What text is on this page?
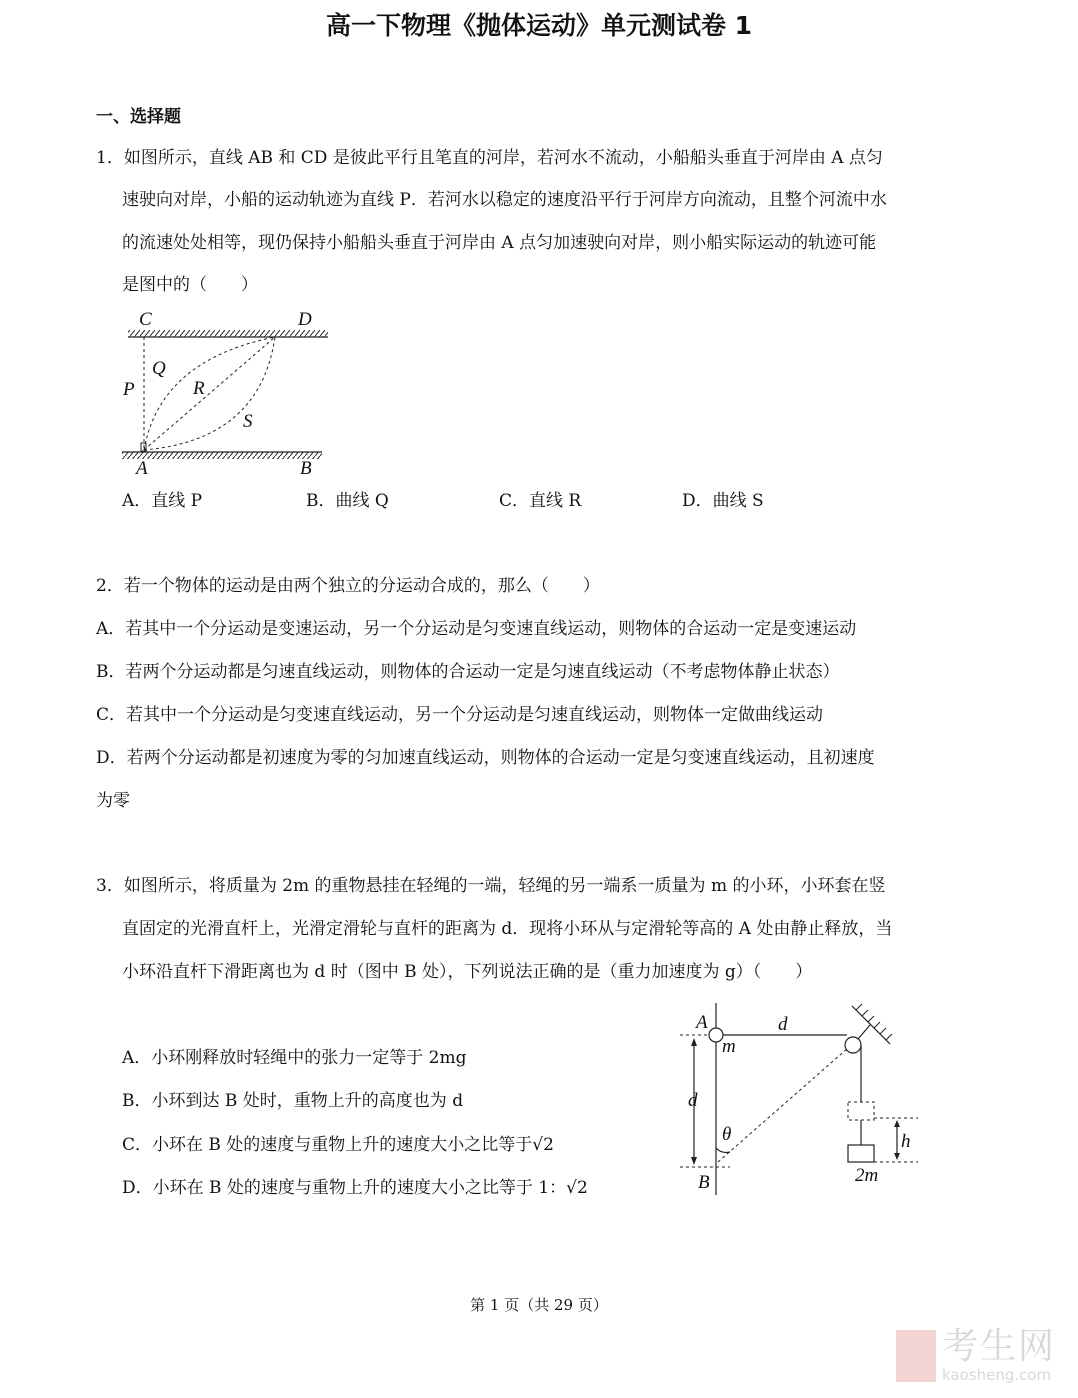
高一下物理《抛体运动》单元测试卷 1
一、选择题
1．如图所示，直线 AB 和 CD 是彼此平行且笔直的河岸，若河水不流动，小船船头垂直于河岸由 A 点匀
速驶向对岸，小船的运动轨迹为直线 P．若河水以稳定的速度沿平行于河岸方向流动，且整个河流中水
的流速处处相等，现仍保持小船船头垂直于河岸由 A 点匀加速驶向对岸，则小船实际运动的轨迹可能
是图中的（　　）
C	D
A	B
P
Q
R
S
A．直线 P	B．曲线 Q	C．直线 R	D．曲线 S
2．若一个物体的运动是由两个独立的分运动合成的，那么（　　）
A．若其中一个分运动是变速运动，另一个分运动是匀变速直线运动，则物体的合运动一定是变速运动
B．若两个分运动都是匀速直线运动，则物体的合运动一定是匀速直线运动（不考虑物体静止状态）
C．若其中一个分运动是匀变速直线运动，另一个分运动是匀速直线运动，则物体一定做曲线运动
D．若两个分运动都是初速度为零的匀加速直线运动，则物体的合运动一定是匀变速直线运动，且初速度
为零
3．如图所示，将质量为 2m 的重物悬挂在轻绳的一端，轻绳的另一端系一质量为 m 的小环，小环套在竖
直固定的光滑直杆上，光滑定滑轮与直杆的距离为 d．现将小环从与定滑轮等高的 A 处由静止释放，当
小环沿直杆下滑距离也为 d 时（图中 B 处），下列说法正确的是（重力加速度为 g）（　　）
A．小环刚释放时轻绳中的张力一定等于 2mg
B．小环到达 B 处时，重物上升的高度也为 d
C．小环在 B 处的速度与重物上升的速度大小之比等于√2
D．小环在 B 处的速度与重物上升的速度大小之比等于 1：√2
A	d
m
d
θ
B
h
2m
第 1 页（共 29 页）
考生网
kaosheng.com
